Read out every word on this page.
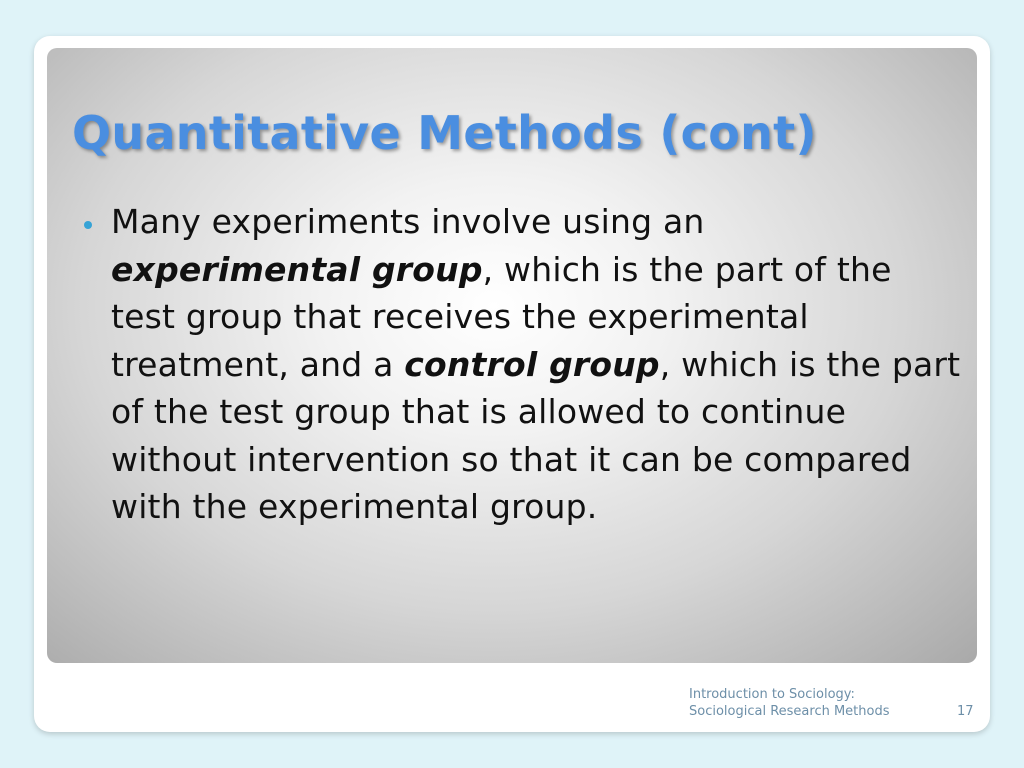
Quantitative Methods (cont)
Many experiments involve using an experimental group, which is the part of the test group that receives the experimental treatment, and a control group, which is the part of the test group that is allowed to continue without intervention so that it can be compared with the experimental group.
Introduction to Sociology:
Sociological Research Methods	17
